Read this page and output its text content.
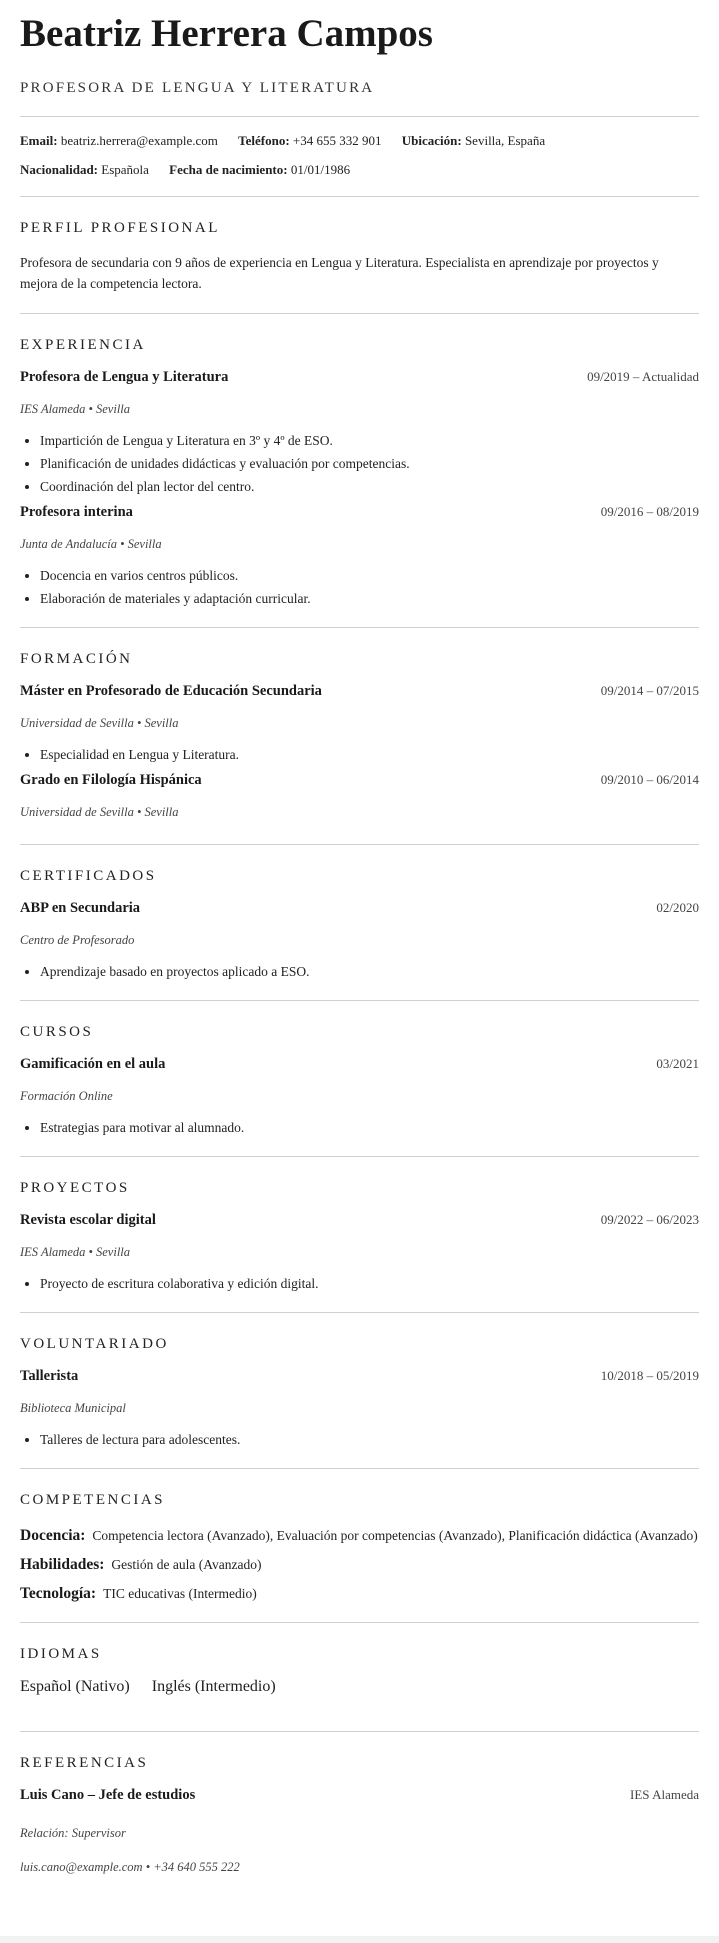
Beatriz Herrera Campos
PROFESORA DE LENGUA Y LITERATURA
Email: beatriz.herrera@example.com Teléfono: +34 655 332 901 Ubicación: Sevilla, España
Nacionalidad: Española Fecha de nacimiento: 01/01/1986
PERFIL PROFESIONAL
Profesora de secundaria con 9 años de experiencia en Lengua y Literatura. Especialista en aprendizaje por proyectos y mejora de la competencia lectora.
EXPERIENCIA
Profesora de Lengua y Literatura	09/2019 – Actualidad
IES Alameda • Sevilla
• Impartición de Lengua y Literatura en 3º y 4º de ESO.
• Planificación de unidades didácticas y evaluación por competencias.
• Coordinación del plan lector del centro.
Profesora interina	09/2016 – 08/2019
Junta de Andalucía • Sevilla
• Docencia en varios centros públicos.
• Elaboración de materiales y adaptación curricular.
FORMACIÓN
Máster en Profesorado de Educación Secundaria	09/2014 – 07/2015
Universidad de Sevilla • Sevilla
• Especialidad en Lengua y Literatura.
Grado en Filología Hispánica	09/2010 – 06/2014
Universidad de Sevilla • Sevilla
CERTIFICADOS
ABP en Secundaria	02/2020
Centro de Profesorado
• Aprendizaje basado en proyectos aplicado a ESO.
CURSOS
Gamificación en el aula	03/2021
Formación Online
• Estrategias para motivar al alumnado.
PROYECTOS
Revista escolar digital	09/2022 – 06/2023
IES Alameda • Sevilla
• Proyecto de escritura colaborativa y edición digital.
VOLUNTARIADO
Tallerista	10/2018 – 05/2019
Biblioteca Municipal
• Talleres de lectura para adolescentes.
COMPETENCIAS
Docencia: Competencia lectora (Avanzado), Evaluación por competencias (Avanzado), Planificación didáctica (Avanzado)
Habilidades: Gestión de aula (Avanzado)
Tecnología: TIC educativas (Intermedio)
IDIOMAS
Español (Nativo) Inglés (Intermedio)
REFERENCIAS
Luis Cano – Jefe de estudios	IES Alameda
Relación: Supervisor
luis.cano@example.com • +34 640 555 222
